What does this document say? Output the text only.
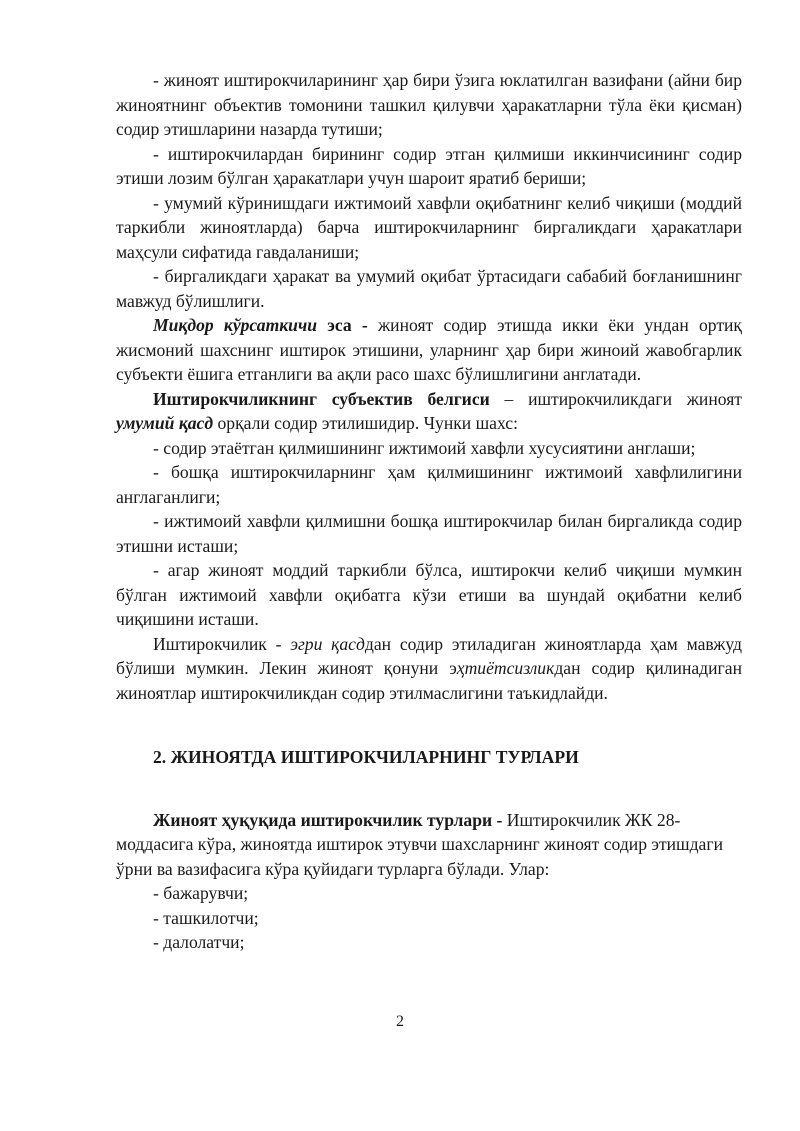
- жиноят иштирокчиларининг ҳар бири ўзига юклатилган вазифани (айни бир жиноятнинг объектив томонини ташкил қилувчи ҳаракатларни тўла ёки қисман) содир этишларини назарда тутиши;

- иштирокчилардан бирининг содир этган қилмиши иккинчисининг содир этиши лозим бўлган ҳаракатлари учун шароит яратиб бериши;

- умумий кўринишдаги ижтимоий хавфли оқибатнинг келиб чиқиши (моддий таркибли жиноятларда) барча иштирокчиларнинг биргаликдаги ҳаракатлари маҳсули сифатида гавдаланиши;

- биргаликдаги ҳаракат ва умумий оқибат ўртасидаги сабабий боғланишнинг мавжуд бўлишлиги.

Миқдор кўрсаткичи эса - жиноят содир этишда икки ёки ундан ортиқ жисмоний шахснинг иштирок этишини, уларнинг ҳар бири жиноий жавобгарлик субъекти ёшига етганлиги ва ақли расо шахс бўлишлигини англатади.

Иштирокчиликнинг субъектив белгиси – иштирокчиликдаги жиноят умумий қасд орқали содир этилишидир. Чунки шахс:

- содир этаётган қилмишининг ижтимоий хавфли хусусиятини англаши;

- бошқа иштирокчиларнинг ҳам қилмишининг ижтимоий хавфлилигини англаганлиги;

- ижтимоий хавфли қилмишни бошқа иштирокчилар билан биргаликда содир этишни исташи;

- агар жиноят моддий таркибли бўлса, иштирокчи келиб чиқиши мумкин бўлган ижтимоий хавфли оқибатга кўзи етиши ва шундай оқибатни келиб чиқишини исташи.

Иштирокчилик - эгри қасддан содир этиладиган жиноятларда ҳам мавжуд бўлиши мумкин. Лекин жиноят қонуни эҳтиётсизликдан содир қилинадиган жиноятлар иштирокчиликдан содир этилмаслигини таъкидлайди.

2. ЖИНОЯТДА ИШТИРОКЧИЛАРНИНГ ТУРЛАРИ

Жиноят ҳуқуқида иштирокчилик турлари - Иштирокчилик ЖК 28-моддасига кўра, жиноятда иштирок этувчи шахсларнинг жиноят содир этишдаги ўрни ва вазифасига кўра қуйидаги турларга бўлади. Улар:

- бажарувчи;

- ташкилотчи;

- далолатчи;

2
